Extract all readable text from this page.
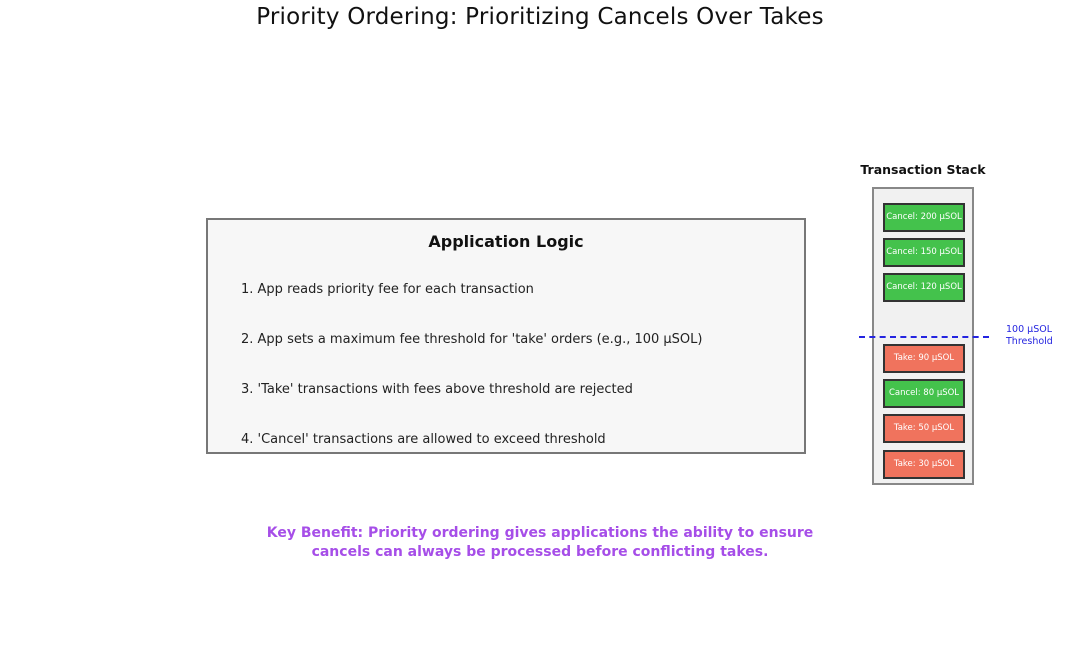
Priority Ordering: Prioritizing Cancels Over Takes
Application Logic
1. App reads priority fee for each transaction
2. App sets a maximum fee threshold for 'take' orders (e.g., 100 μSOL)
3. 'Take' transactions with fees above threshold are rejected
4. 'Cancel' transactions are allowed to exceed threshold
Transaction Stack
Cancel: 200 μSOL
Cancel: 150 μSOL
Cancel: 120 μSOL
Take: 90 μSOL
Cancel: 80 μSOL
Take: 50 μSOL
Take: 30 μSOL
100 μSOL
Threshold
Key Benefit: Priority ordering gives applications the ability to ensure
cancels can always be processed before conflicting takes.
